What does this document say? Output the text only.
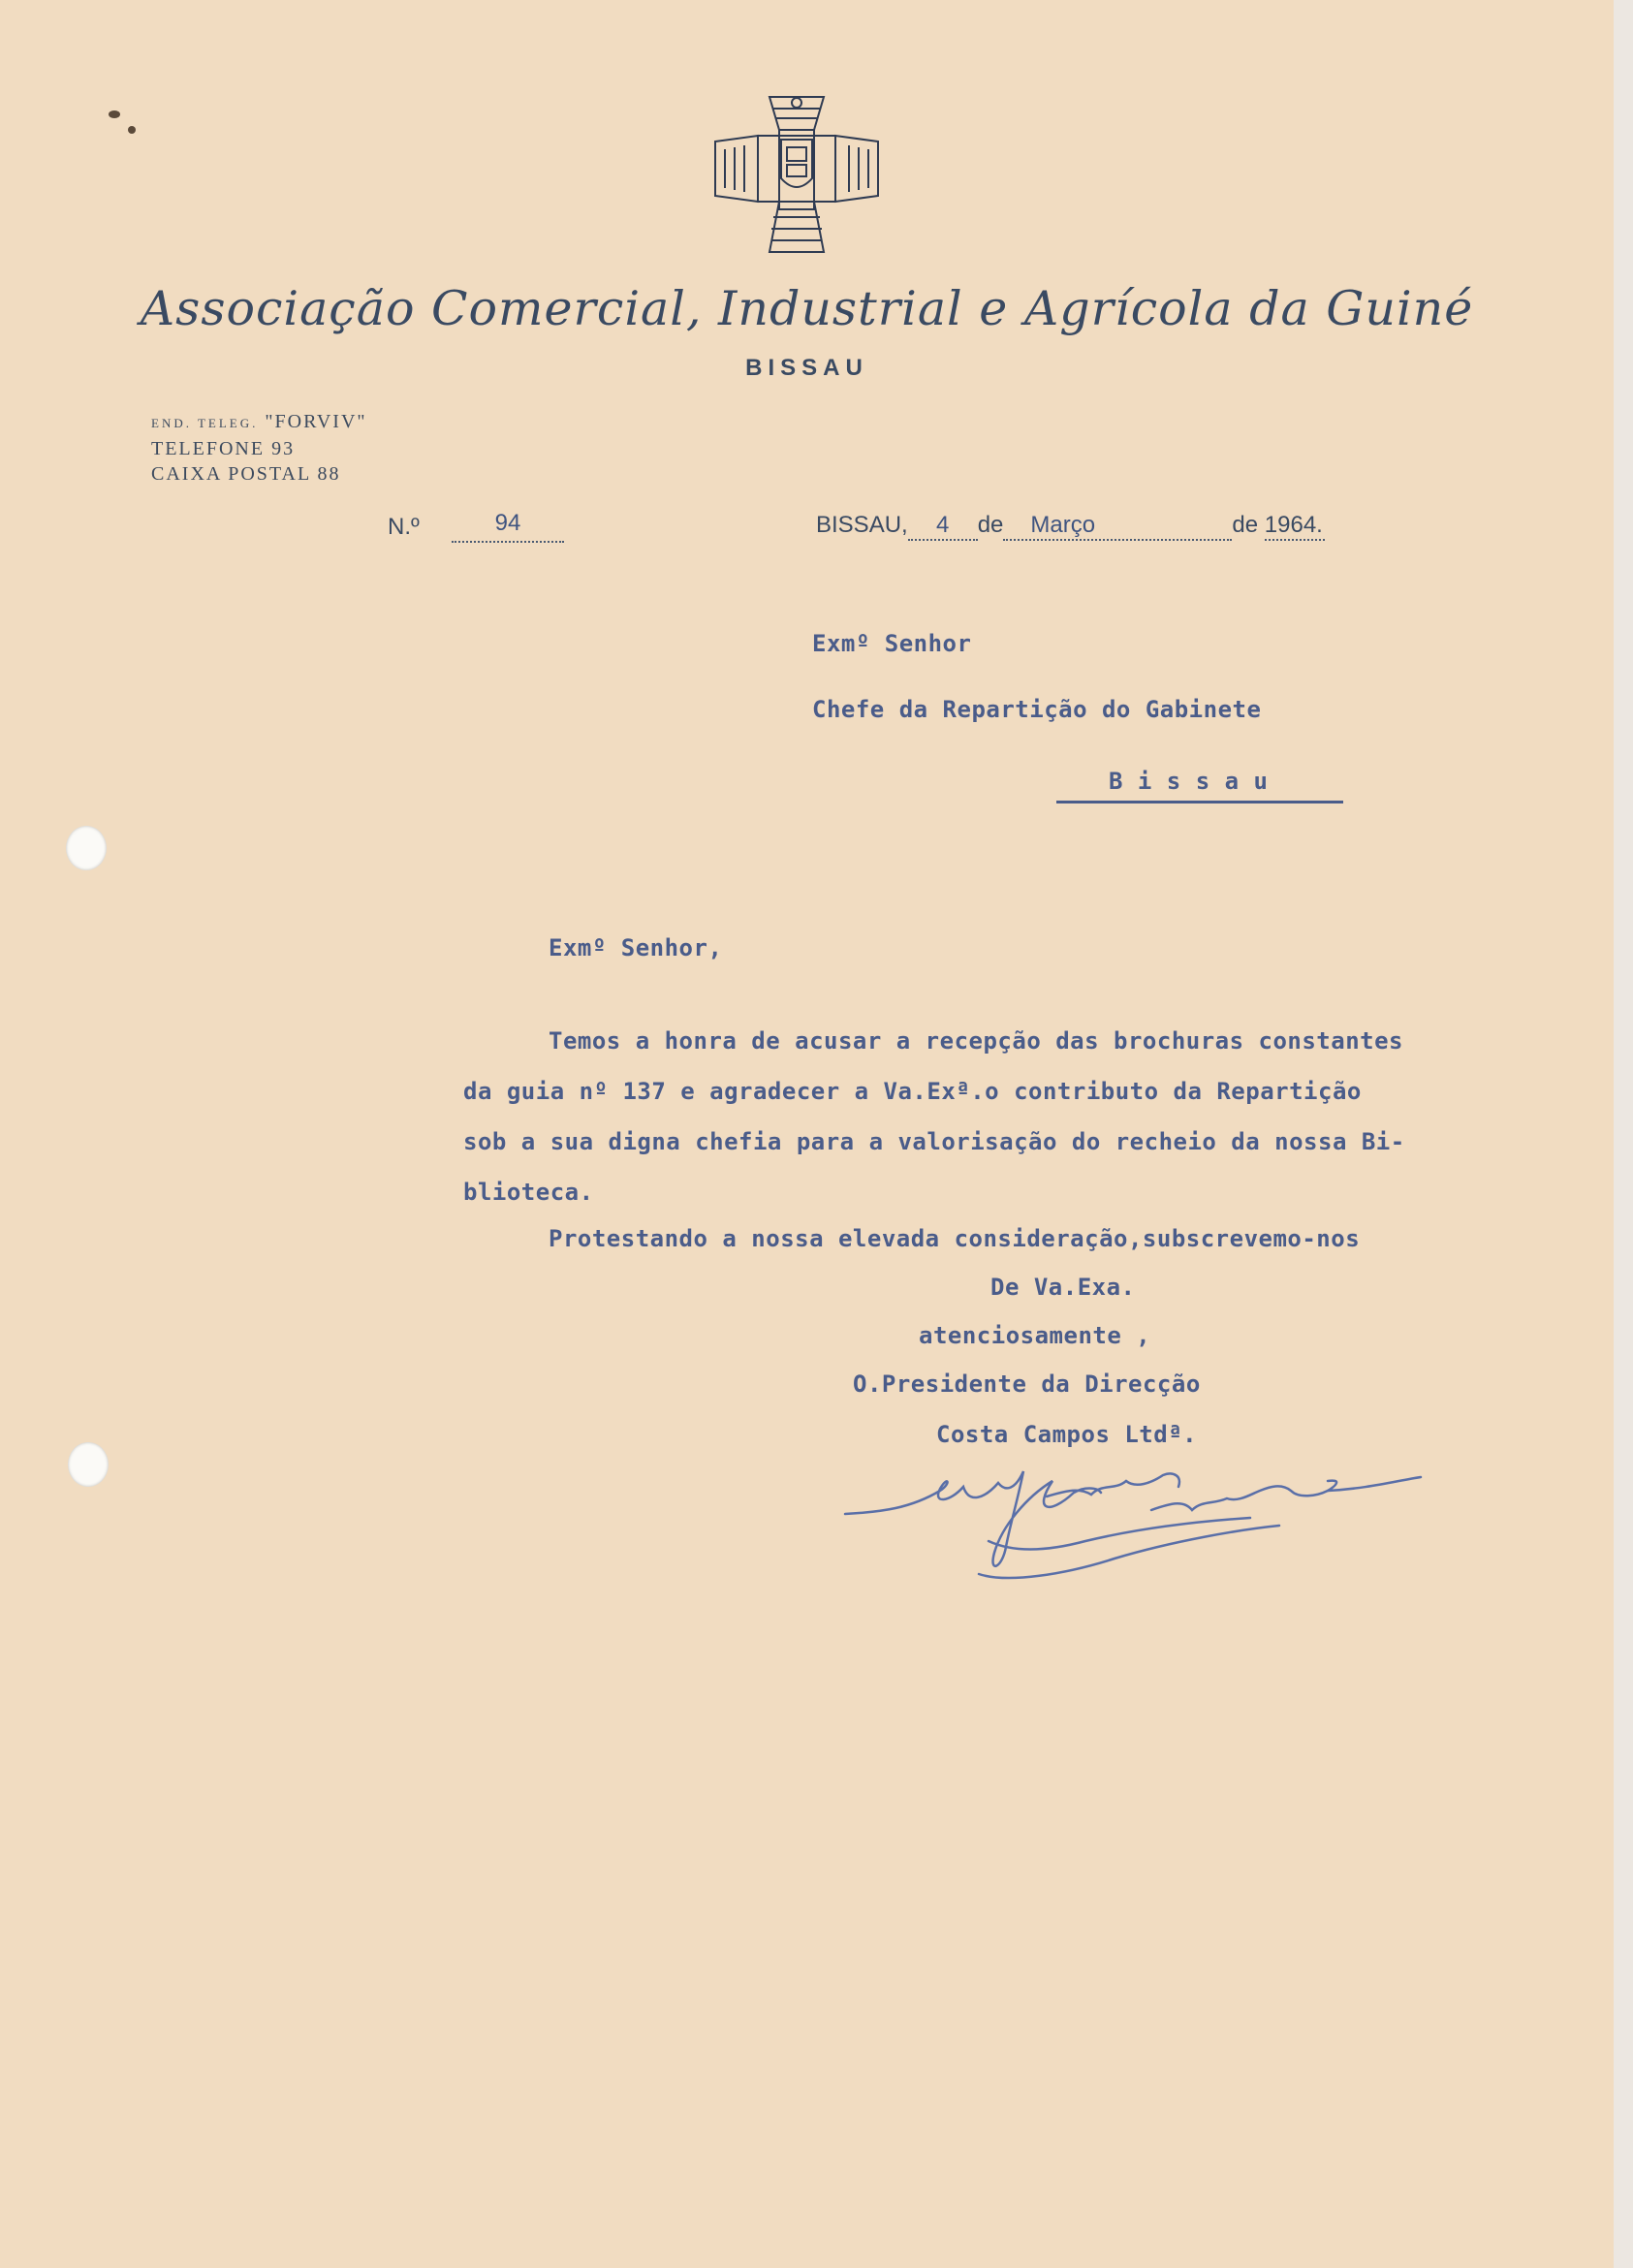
Associação Comercial, Industrial e Agrícola da Guiné
BISSAU
END. TELEG. "FORVIV"
TELEFONE 93
CAIXA POSTAL 88
N.º	94	BISSAU, 4 de Março	de 1964.
Exmº Senhor
Chefe da Repartição do Gabinete
B i s s a u
Exmº Senhor,
Temos a honra de acusar a recepção das brochuras constantes
da guia nº 137 e agradecer a Va.Exª.o contributo da Repartição
sob a sua digna chefia para a valorisação do recheio da nossa Bi-
blioteca.
Protestando a nossa elevada consideração,subscrevemo-nos
De Va.Exa.
atenciosamente ,
O.Presidente da Direcção
Costa Campos Ltdª.
